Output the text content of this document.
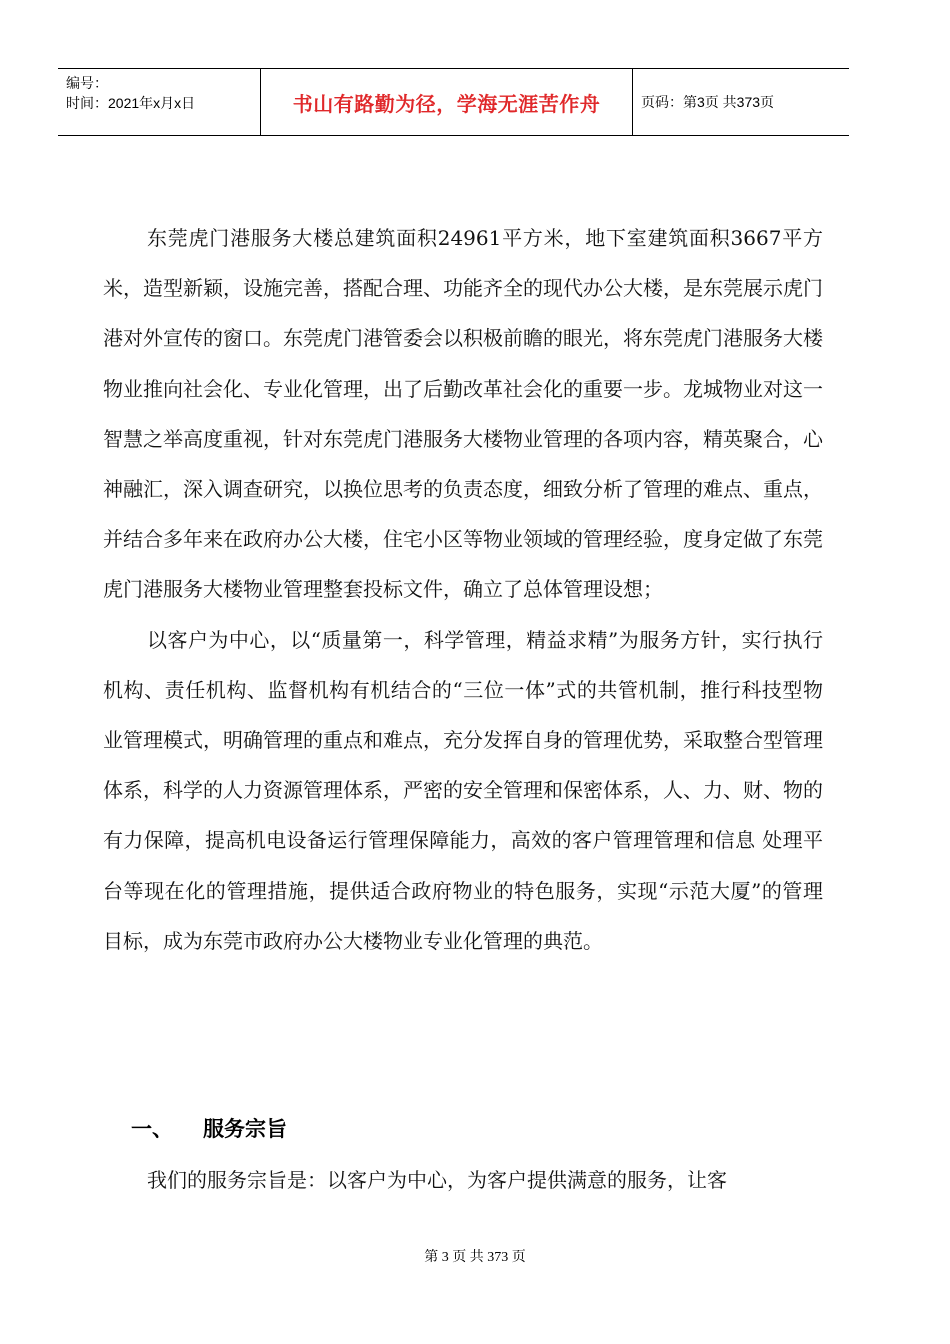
编号：
时间：2021年x月x日	书山有路勤为径，学海无涯苦作舟	页码：第3页 共373页

东莞虎门港服务大楼总建筑面积24961平方米，地下室建筑面积3667平方米，造型新颖，设施完善，搭配合理、功能齐全的现代办公大楼，是东莞展示虎门港对外宣传的窗口。东莞虎门港管委会以积极前瞻的眼光，将东莞虎门港服务大楼物业推向社会化、专业化管理，出了后勤改革社会化的重要一步。龙城物业对这一智慧之举高度重视，针对东莞虎门港服务大楼物业管理的各项内容，精英聚合，心神融汇，深入调查研究，以换位思考的负责态度，细致分析了管理的难点、重点，并结合多年来在政府办公大楼，住宅小区等物业领域的管理经验，度身定做了东莞虎门港服务大楼物业管理整套投标文件，确立了总体管理设想；

以客户为中心，以“质量第一，科学管理，精益求精”为服务方针，实行执行机构、责任机构、监督机构有机结合的“三位一体”式的共管机制，推行科技型物业管理模式，明确管理的重点和难点，充分发挥自身的管理优势，采取整合型管理体系，科学的人力资源管理体系，严密的安全管理和保密体系，人、力、财、物的有力保障，提高机电设备运行管理保障能力，高效的客户管理管理和信息 处理平台等现在化的管理措施，提供适合政府物业的特色服务，实现“示范大厦”的管理目标，成为东莞市政府办公大楼物业专业化管理的典范。

一、 服务宗旨

我们的服务宗旨是：以客户为中心，为客户提供满意的服务，让客

第 3 页 共 373 页
